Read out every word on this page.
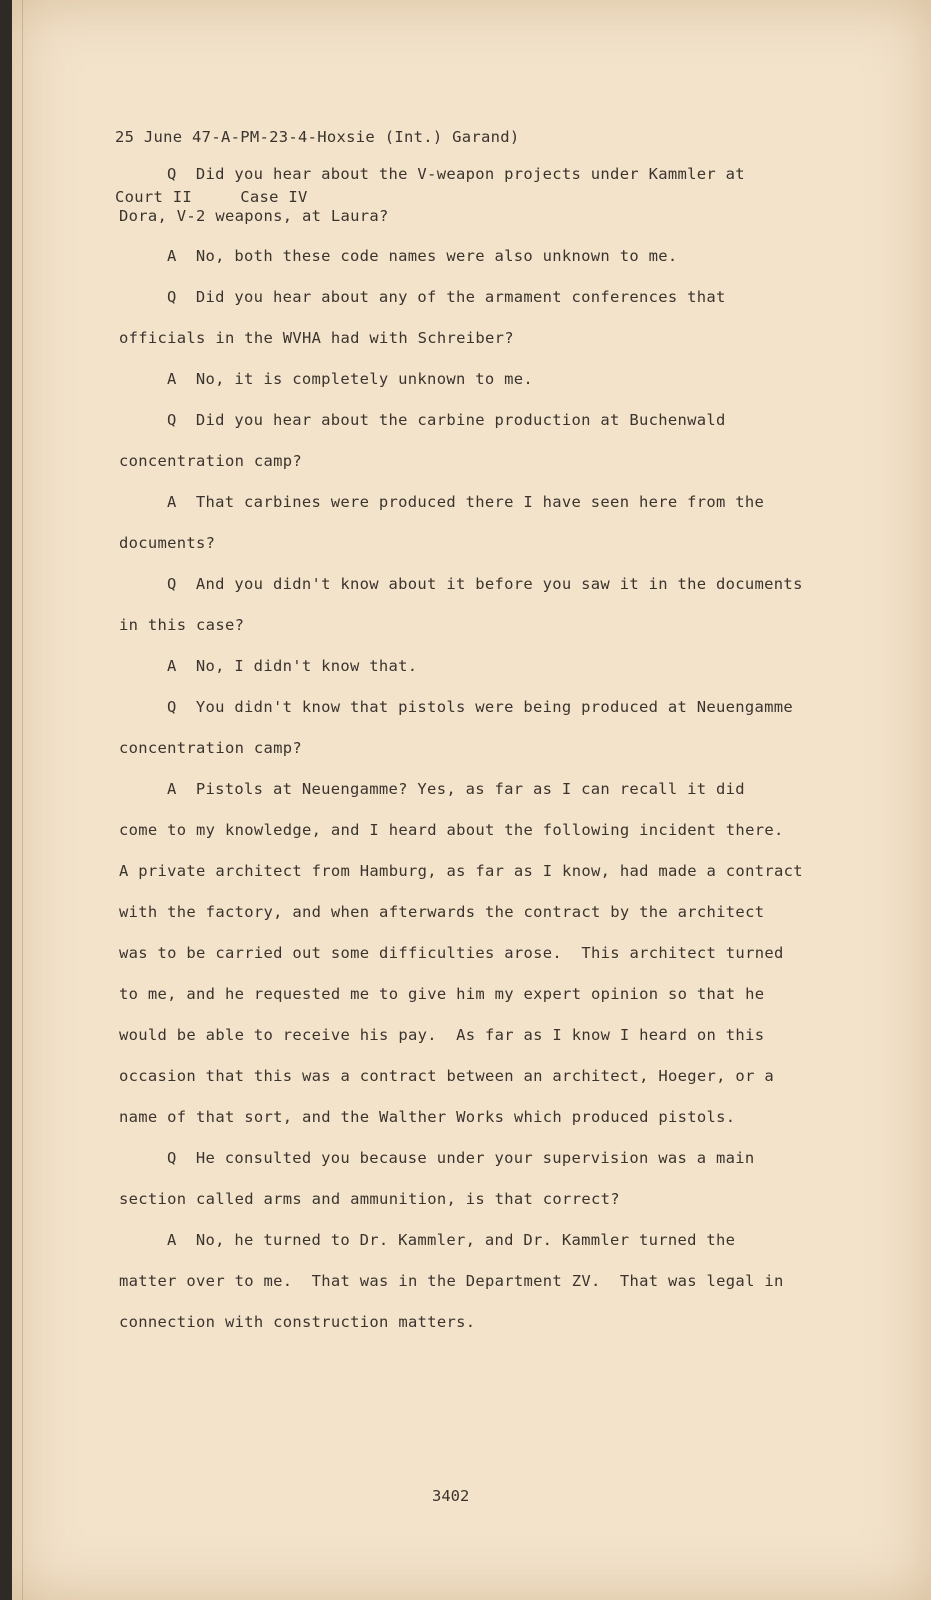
25 June 47-A-PM-23-4-Hoxsie (Int.) Garand)

Court II     Case IV

Q  Did you hear about the V-weapon projects under Kammler at
Dora, V-2 weapons, at Laura?
A  No, both these code names were also unknown to me.
Q  Did you hear about any of the armament conferences that
officials in the WVHA had with Schreiber?
A  No, it is completely unknown to me.
Q  Did you hear about the carbine production at Buchenwald
concentration camp?
A  That carbines were produced there I have seen here from the
documents?
Q  And you didn't know about it before you saw it in the documents
in this case?
A  No, I didn't know that.
Q  You didn't know that pistols were being produced at Neuengamme
concentration camp?
A  Pistols at Neuengamme? Yes, as far as I can recall it did
come to my knowledge, and I heard about the following incident there.
A private architect from Hamburg, as far as I know, had made a contract
with the factory, and when afterwards the contract by the architect
was to be carried out some difficulties arose.  This architect turned
to me, and he requested me to give him my expert opinion so that he
would be able to receive his pay.  As far as I know I heard on this
occasion that this was a contract between an architect, Hoeger, or a
name of that sort, and the Walther Works which produced pistols.
Q  He consulted you because under your supervision was a main
section called arms and ammunition, is that correct?
A  No, he turned to Dr. Kammler, and Dr. Kammler turned the
matter over to me.  That was in the Department ZV.  That was legal in
connection with construction matters.
3402
